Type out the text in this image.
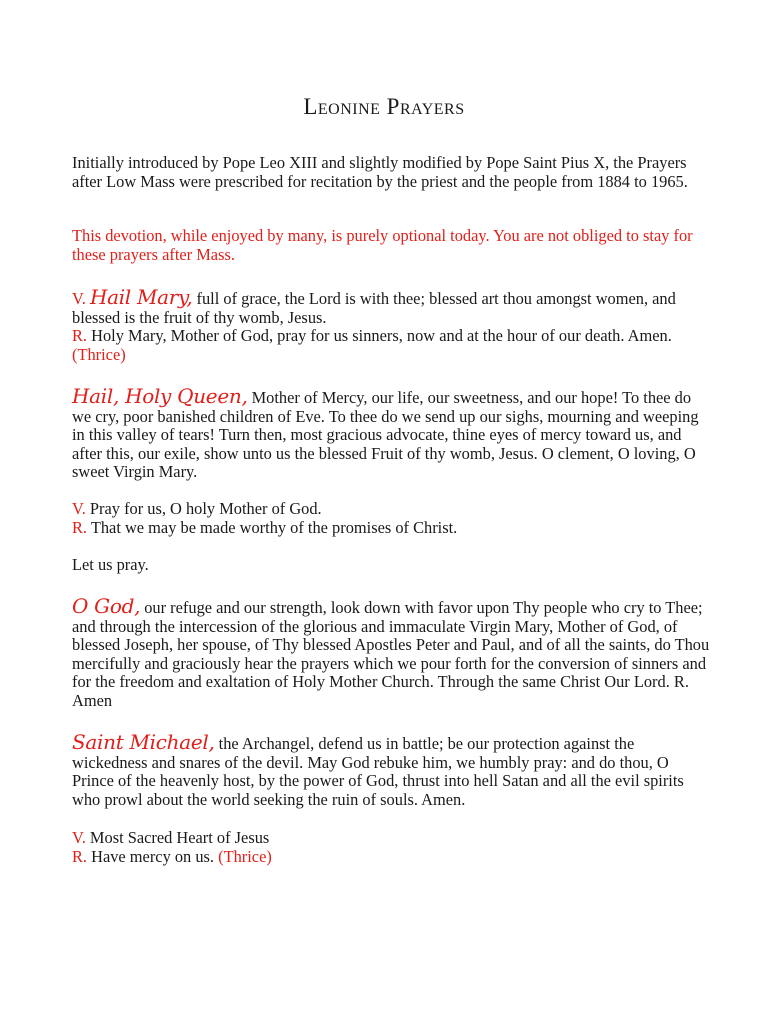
Leonine Prayers

Initially introduced by Pope Leo XIII and slightly modified by Pope Saint Pius X, the Prayers after Low Mass were prescribed for recitation by the priest and the people from 1884 to 1965.

This devotion, while enjoyed by many, is purely optional today. You are not obliged to stay for these prayers after Mass.

V. Hail Mary, full of grace, the Lord is with thee; blessed art thou amongst women, and blessed is the fruit of thy womb, Jesus.
R. Holy Mary, Mother of God, pray for us sinners, now and at the hour of our death. Amen. (Thrice)

Hail, Holy Queen, Mother of Mercy, our life, our sweetness, and our hope! To thee do we cry, poor banished children of Eve. To thee do we send up our sighs, mourning and weeping in this valley of tears! Turn then, most gracious advocate, thine eyes of mercy toward us, and after this, our exile, show unto us the blessed Fruit of thy womb, Jesus. O clement, O loving, O sweet Virgin Mary.

V. Pray for us, O holy Mother of God.
R. That we may be made worthy of the promises of Christ.

Let us pray.

O God, our refuge and our strength, look down with favor upon Thy people who cry to Thee; and through the intercession of the glorious and immaculate Virgin Mary, Mother of God, of blessed Joseph, her spouse, of Thy blessed Apostles Peter and Paul, and of all the saints, do Thou mercifully and graciously hear the prayers which we pour forth for the conversion of sinners and for the freedom and exaltation of Holy Mother Church. Through the same Christ Our Lord. R. Amen

Saint Michael, the Archangel, defend us in battle; be our protection against the wickedness and snares of the devil. May God rebuke him, we humbly pray: and do thou, O Prince of the heavenly host, by the power of God, thrust into hell Satan and all the evil spirits who prowl about the world seeking the ruin of souls. Amen.

V. Most Sacred Heart of Jesus
R. Have mercy on us. (Thrice)
